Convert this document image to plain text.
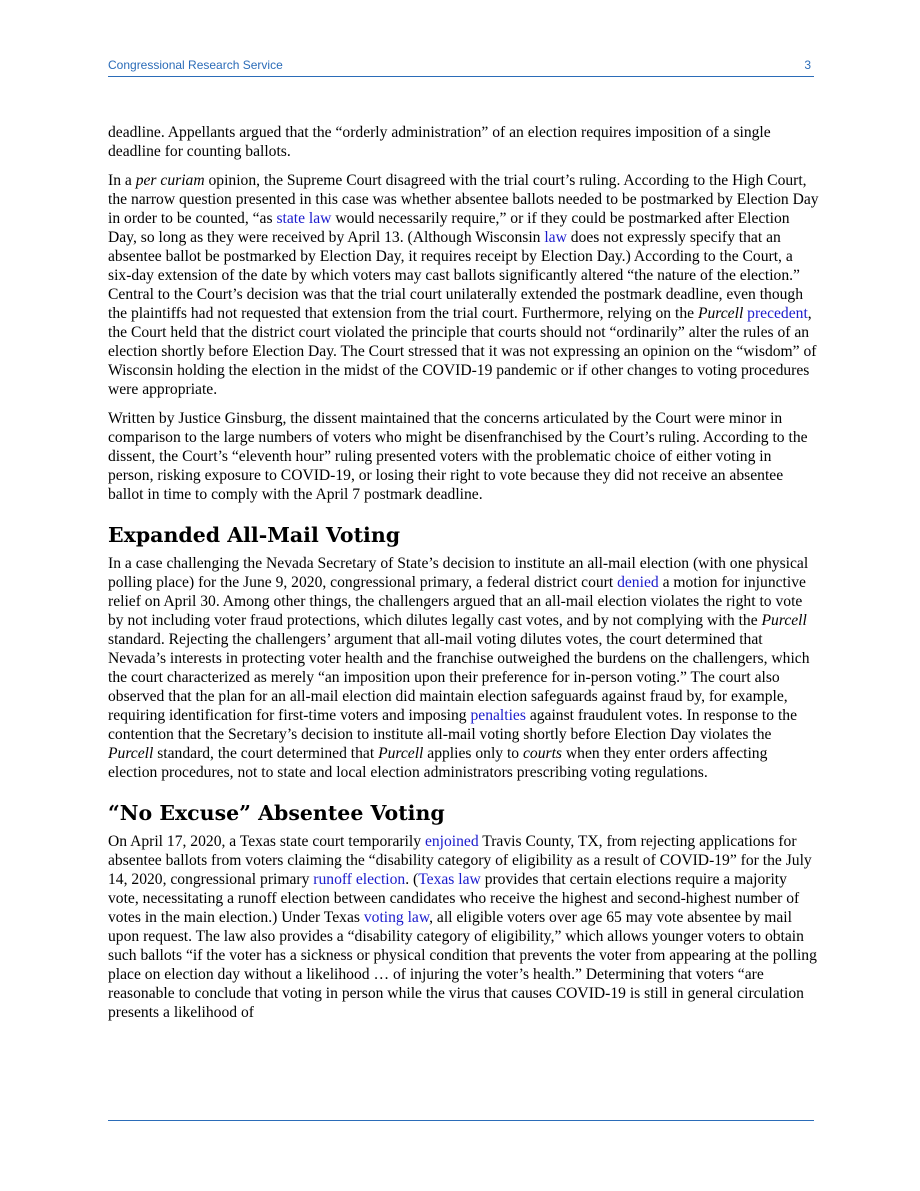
Congressional Research Service	3

deadline. Appellants argued that the “orderly administration” of an election requires imposition of a single deadline for counting ballots.

In a per curiam opinion, the Supreme Court disagreed with the trial court’s ruling. According to the High Court, the narrow question presented in this case was whether absentee ballots needed to be postmarked by Election Day in order to be counted, “as state law would necessarily require,” or if they could be postmarked after Election Day, so long as they were received by April 13. (Although Wisconsin law does not expressly specify that an absentee ballot be postmarked by Election Day, it requires receipt by Election Day.) According to the Court, a six-day extension of the date by which voters may cast ballots significantly altered “the nature of the election.” Central to the Court’s decision was that the trial court unilaterally extended the postmark deadline, even though the plaintiffs had not requested that extension from the trial court. Furthermore, relying on the Purcell precedent, the Court held that the district court violated the principle that courts should not “ordinarily” alter the rules of an election shortly before Election Day. The Court stressed that it was not expressing an opinion on the “wisdom” of Wisconsin holding the election in the midst of the COVID-19 pandemic or if other changes to voting procedures were appropriate.

Written by Justice Ginsburg, the dissent maintained that the concerns articulated by the Court were minor in comparison to the large numbers of voters who might be disenfranchised by the Court’s ruling. According to the dissent, the Court’s “eleventh hour” ruling presented voters with the problematic choice of either voting in person, risking exposure to COVID-19, or losing their right to vote because they did not receive an absentee ballot in time to comply with the April 7 postmark deadline.

Expanded All-Mail Voting

In a case challenging the Nevada Secretary of State’s decision to institute an all-mail election (with one physical polling place) for the June 9, 2020, congressional primary, a federal district court denied a motion for injunctive relief on April 30. Among other things, the challengers argued that an all-mail election violates the right to vote by not including voter fraud protections, which dilutes legally cast votes, and by not complying with the Purcell standard. Rejecting the challengers’ argument that all-mail voting dilutes votes, the court determined that Nevada’s interests in protecting voter health and the franchise outweighed the burdens on the challengers, which the court characterized as merely “an imposition upon their preference for in-person voting.” The court also observed that the plan for an all-mail election did maintain election safeguards against fraud by, for example, requiring identification for first-time voters and imposing penalties against fraudulent votes. In response to the contention that the Secretary’s decision to institute all-mail voting shortly before Election Day violates the Purcell standard, the court determined that Purcell applies only to courts when they enter orders affecting election procedures, not to state and local election administrators prescribing voting regulations.

“No Excuse” Absentee Voting

On April 17, 2020, a Texas state court temporarily enjoined Travis County, TX, from rejecting applications for absentee ballots from voters claiming the “disability category of eligibility as a result of COVID-19” for the July 14, 2020, congressional primary runoff election. (Texas law provides that certain elections require a majority vote, necessitating a runoff election between candidates who receive the highest and second-highest number of votes in the main election.) Under Texas voting law, all eligible voters over age 65 may vote absentee by mail upon request. The law also provides a “disability category of eligibility,” which allows younger voters to obtain such ballots “if the voter has a sickness or physical condition that prevents the voter from appearing at the polling place on election day without a likelihood … of injuring the voter’s health.” Determining that voters “are reasonable to conclude that voting in person while the virus that causes COVID-19 is still in general circulation presents a likelihood of
